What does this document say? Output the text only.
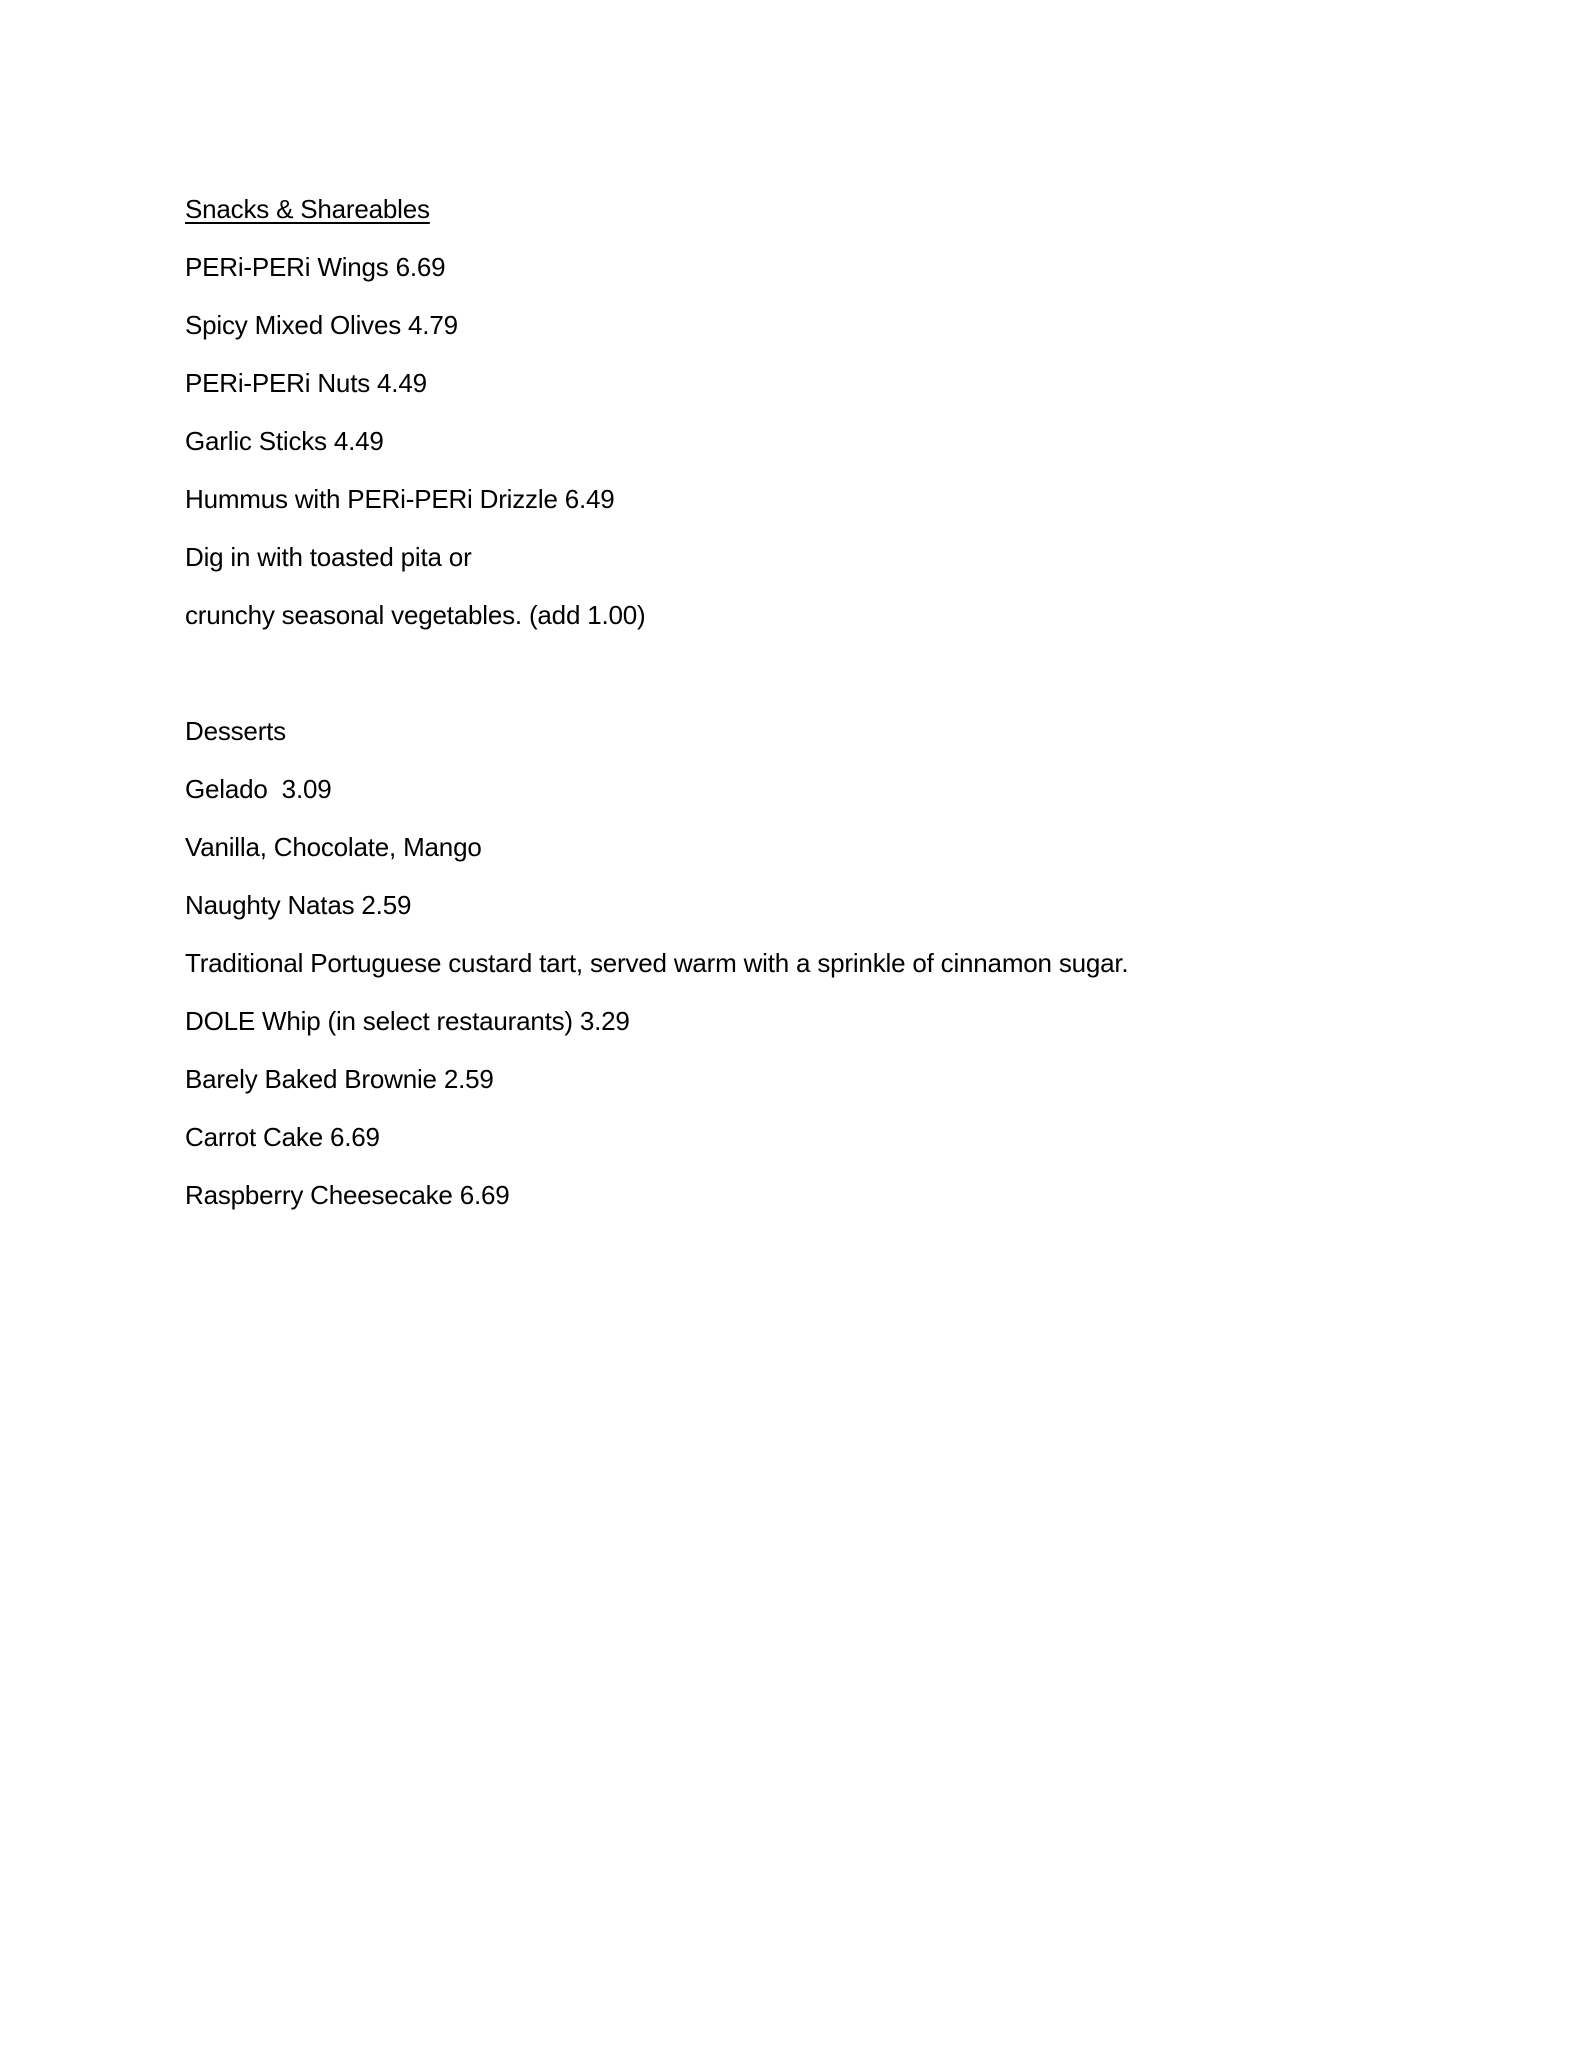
Snacks & Shareables
PERi-PERi Wings 6.69
Spicy Mixed Olives 4.79
PERi-PERi Nuts 4.49
Garlic Sticks 4.49
Hummus with PERi-PERi Drizzle 6.49
Dig in with toasted pita or
crunchy seasonal vegetables. (add 1.00)
Desserts
Gelado  3.09
Vanilla, Chocolate, Mango
Naughty Natas 2.59
Traditional Portuguese custard tart, served warm with a sprinkle of cinnamon sugar.
DOLE Whip (in select restaurants) 3.29
Barely Baked Brownie 2.59
Carrot Cake 6.69
Raspberry Cheesecake 6.69
